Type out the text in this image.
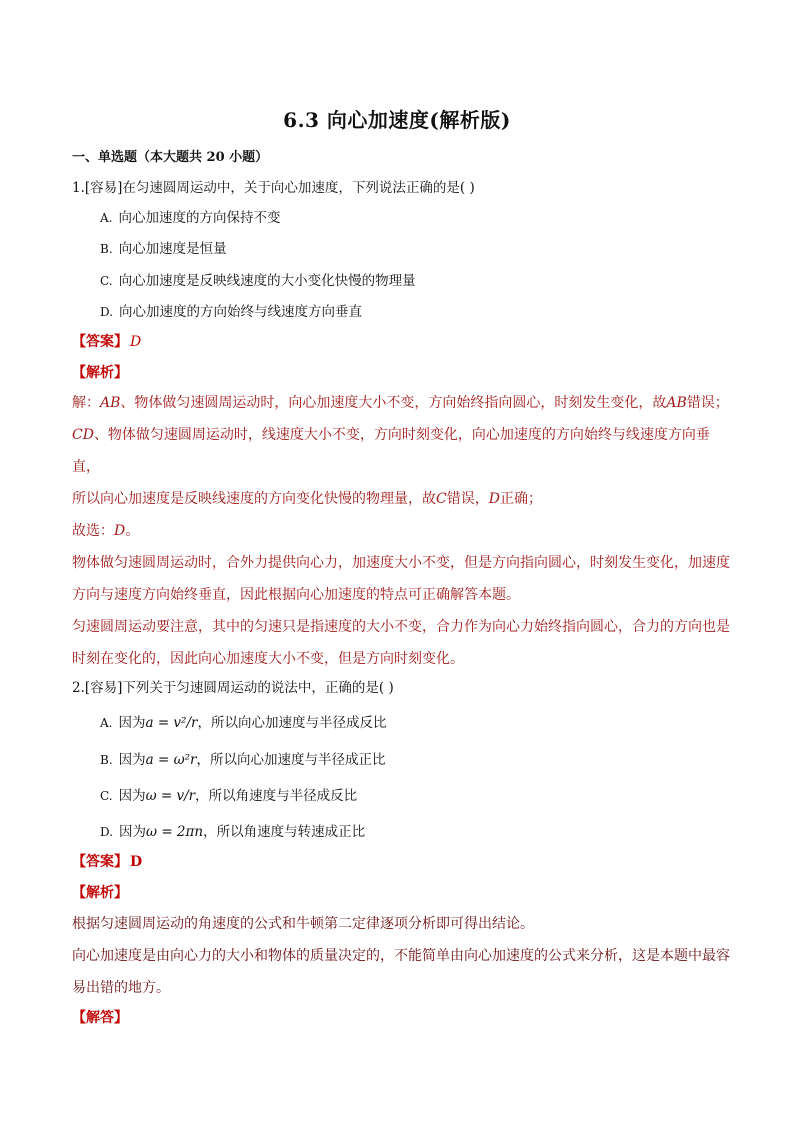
6.3 向心加速度(解析版)
一、单选题（本大题共 20 小题）
1.[容易]在匀速圆周运动中，关于向心加速度，下列说法正确的是( )
A. 向心加速度的方向保持不变
B. 向心加速度是恒量
C. 向心加速度是反映线速度的大小变化快慢的物理量
D. 向心加速度的方向始终与线速度方向垂直
【答案】 D
【解析】

解：AB、物体做匀速圆周运动时，向心加速度大小不变，方向始终指向圆心，时刻发生变化，故AB错误；

CD、物体做匀速圆周运动时，线速度大小不变，方向时刻变化，向心加速度的方向始终与线速度方向垂直，

所以向心加速度是反映线速度的方向变化快慢的物理量，故C错误，D正确；

故选：D。

物体做匀速圆周运动时，合外力提供向心力，加速度大小不变，但是方向指向圆心，时刻发生变化，加速度方向与速度方向始终垂直，因此根据向心加速度的特点可正确解答本题。

匀速圆周运动要注意，其中的匀速只是指速度的大小不变，合力作为向心力始终指向圆心，合力的方向也是时刻在变化的，因此向心加速度大小不变，但是方向时刻变化。

2.[容易]下列关于匀速圆周运动的说法中，正确的是( )
A. 因为a = v²/r，所以向心加速度与半径成反比
B. 因为a = ω²r，所以向心加速度与半径成正比
C. 因为ω = v/r，所以角速度与半径成反比
D. 因为ω = 2πn，所以角速度与转速成正比
【答案】 D
【解析】

根据匀速圆周运动的角速度的公式和牛顿第二定律逐项分析即可得出结论。

向心加速度是由向心力的大小和物体的质量决定的，不能简单由向心加速度的公式来分析，这是本题中最容易出错的地方。

【解答】
